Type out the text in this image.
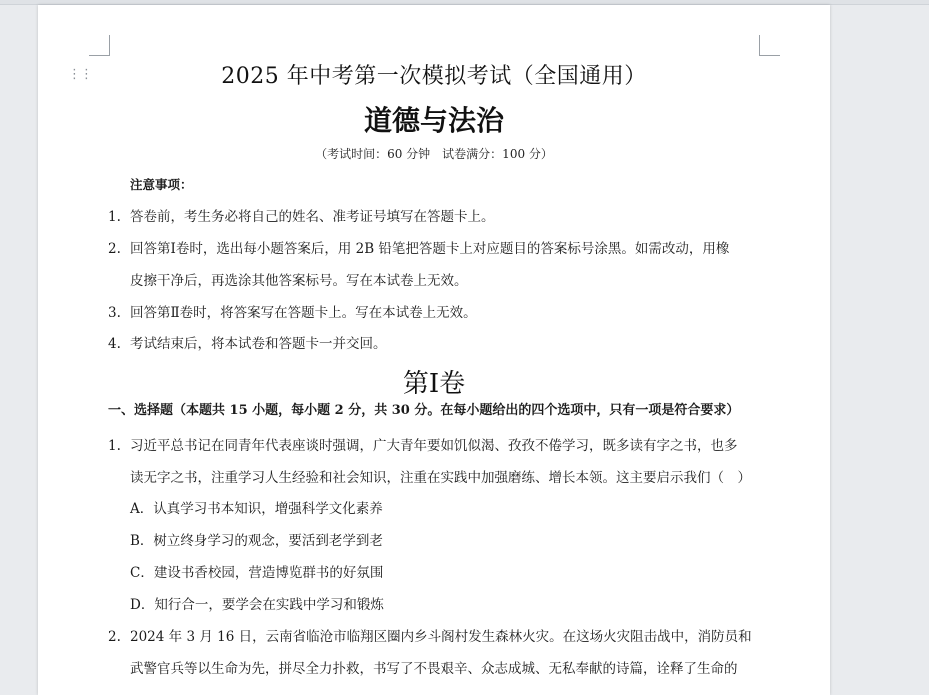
⋮⋮	2025 年中考第一次模拟考试（全国通用）
道德与法治
（考试时间：60 分钟　试卷满分：100 分）
注意事项：
1. 答卷前，考生务必将自己的姓名、准考证号填写在答题卡上。
2. 回答第Ⅰ卷时，选出每小题答案后，用 2B 铅笔把答题卡上对应题目的答案标号涂黑。如需改动，用橡
皮擦干净后，再选涂其他答案标号。写在本试卷上无效。
3. 回答第Ⅱ卷时，将答案写在答题卡上。写在本试卷上无效。
4. 考试结束后，将本试卷和答题卡一并交回。
第Ⅰ卷
一、选择题（本题共 15 小题，每小题 2 分，共 30 分。在每小题给出的四个选项中，只有一项是符合要求）
1. 习近平总书记在同青年代表座谈时强调，广大青年要如饥似渴、孜孜不倦学习，既多读有字之书，也多
读无字之书，注重学习人生经验和社会知识，注重在实践中加强磨练、增长本领。这主要启示我们（　）
A．认真学习书本知识，增强科学文化素养
B．树立终身学习的观念，要活到老学到老
C．建设书香校园，营造博览群书的好氛围
D．知行合一，要学会在实践中学习和锻炼
2. 2024 年 3 月 16 日，云南省临沧市临翔区圈内乡斗阁村发生森林火灾。在这场火灾阻击战中，消防员和
武警官兵等以生命为先，拼尽全力扑救，书写了不畏艰辛、众志成城、无私奉献的诗篇，诠释了生命的
